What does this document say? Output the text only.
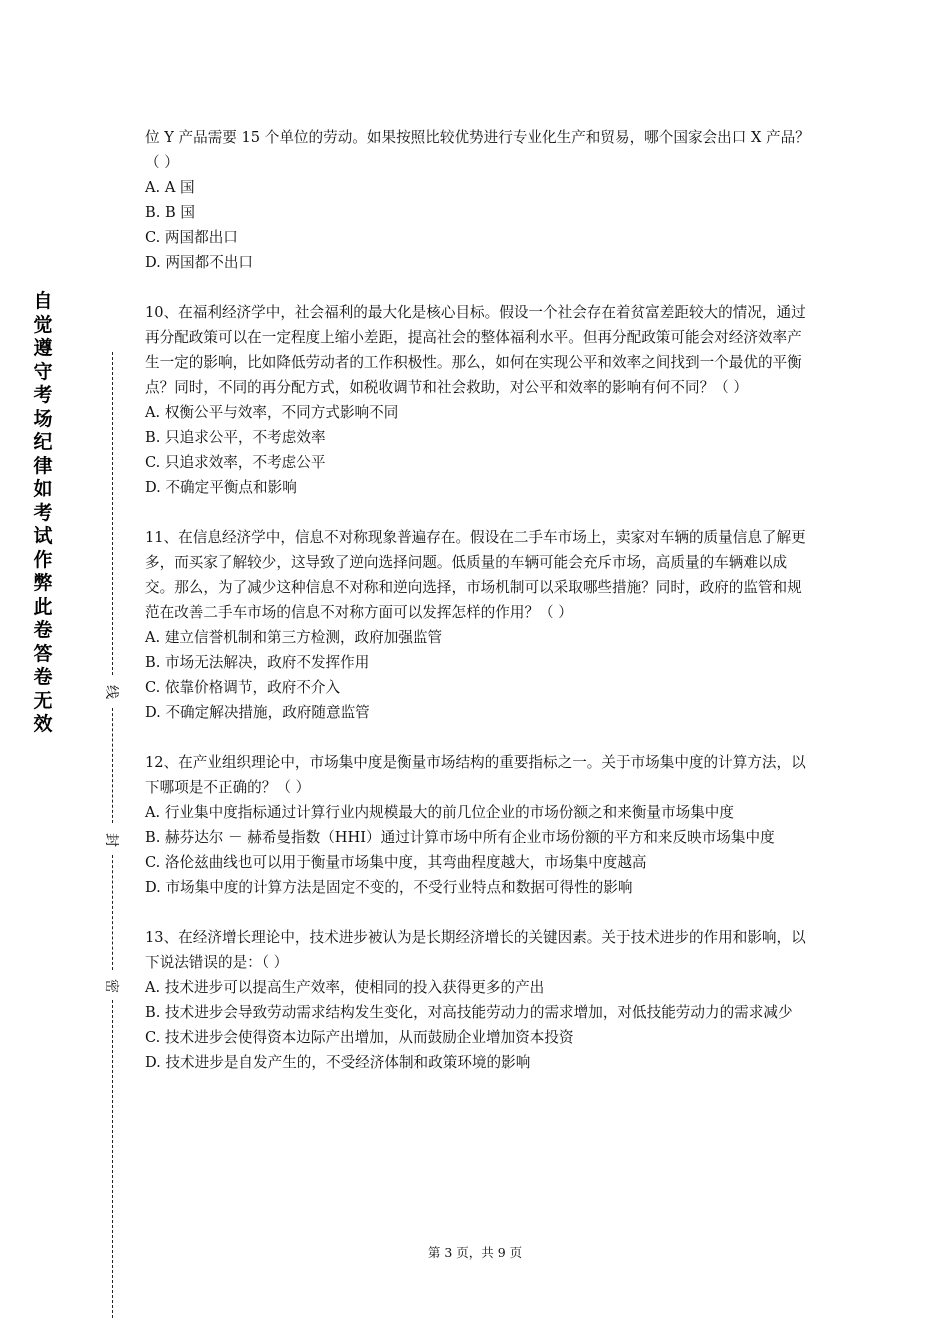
自
觉
遵
守
考
场
纪
律
如
考
试
作
弊
此
卷
答
卷
无
效
线
封
密

位 Y 产品需要 15 个单位的劳动。如果按照比较优势进行专业化生产和贸易，哪个国家会出口 X 产品？（ ）

A. A 国

B. B 国

C. 两国都出口

D. 两国都不出口

10、在福利经济学中，社会福利的最大化是核心目标。假设一个社会存在着贫富差距较大的情况，通过再分配政策可以在一定程度上缩小差距，提高社会的整体福利水平。但再分配政策可能会对经济效率产生一定的影响，比如降低劳动者的工作积极性。那么，如何在实现公平和效率之间找到一个最优的平衡点？同时，不同的再分配方式，如税收调节和社会救助，对公平和效率的影响有何不同？（ ）

A. 权衡公平与效率，不同方式影响不同

B. 只追求公平，不考虑效率

C. 只追求效率，不考虑公平

D. 不确定平衡点和影响

11、在信息经济学中，信息不对称现象普遍存在。假设在二手车市场上，卖家对车辆的质量信息了解更多，而买家了解较少，这导致了逆向选择问题。低质量的车辆可能会充斥市场，高质量的车辆难以成交。那么，为了减少这种信息不对称和逆向选择，市场机制可以采取哪些措施？同时，政府的监管和规范在改善二手车市场的信息不对称方面可以发挥怎样的作用？（ ）

A. 建立信誉机制和第三方检测，政府加强监管

B. 市场无法解决，政府不发挥作用

C. 依靠价格调节，政府不介入

D. 不确定解决措施，政府随意监管

12、在产业组织理论中，市场集中度是衡量市场结构的重要指标之一。关于市场集中度的计算方法，以下哪项是不正确的？（ ）

A. 行业集中度指标通过计算行业内规模最大的前几位企业的市场份额之和来衡量市场集中度

B. 赫芬达尔 － 赫希曼指数（HHI）通过计算市场中所有企业市场份额的平方和来反映市场集中度

C. 洛伦兹曲线也可以用于衡量市场集中度，其弯曲程度越大，市场集中度越高

D. 市场集中度的计算方法是固定不变的，不受行业特点和数据可得性的影响

13、在经济增长理论中，技术进步被认为是长期经济增长的关键因素。关于技术进步的作用和影响，以下说法错误的是：（ ）

A. 技术进步可以提高生产效率，使相同的投入获得更多的产出

B. 技术进步会导致劳动需求结构发生变化，对高技能劳动力的需求增加，对低技能劳动力的需求减少

C. 技术进步会使得资本边际产出增加，从而鼓励企业增加资本投资

D. 技术进步是自发产生的，不受经济体制和政策环境的影响

第 3 页，共 9 页
